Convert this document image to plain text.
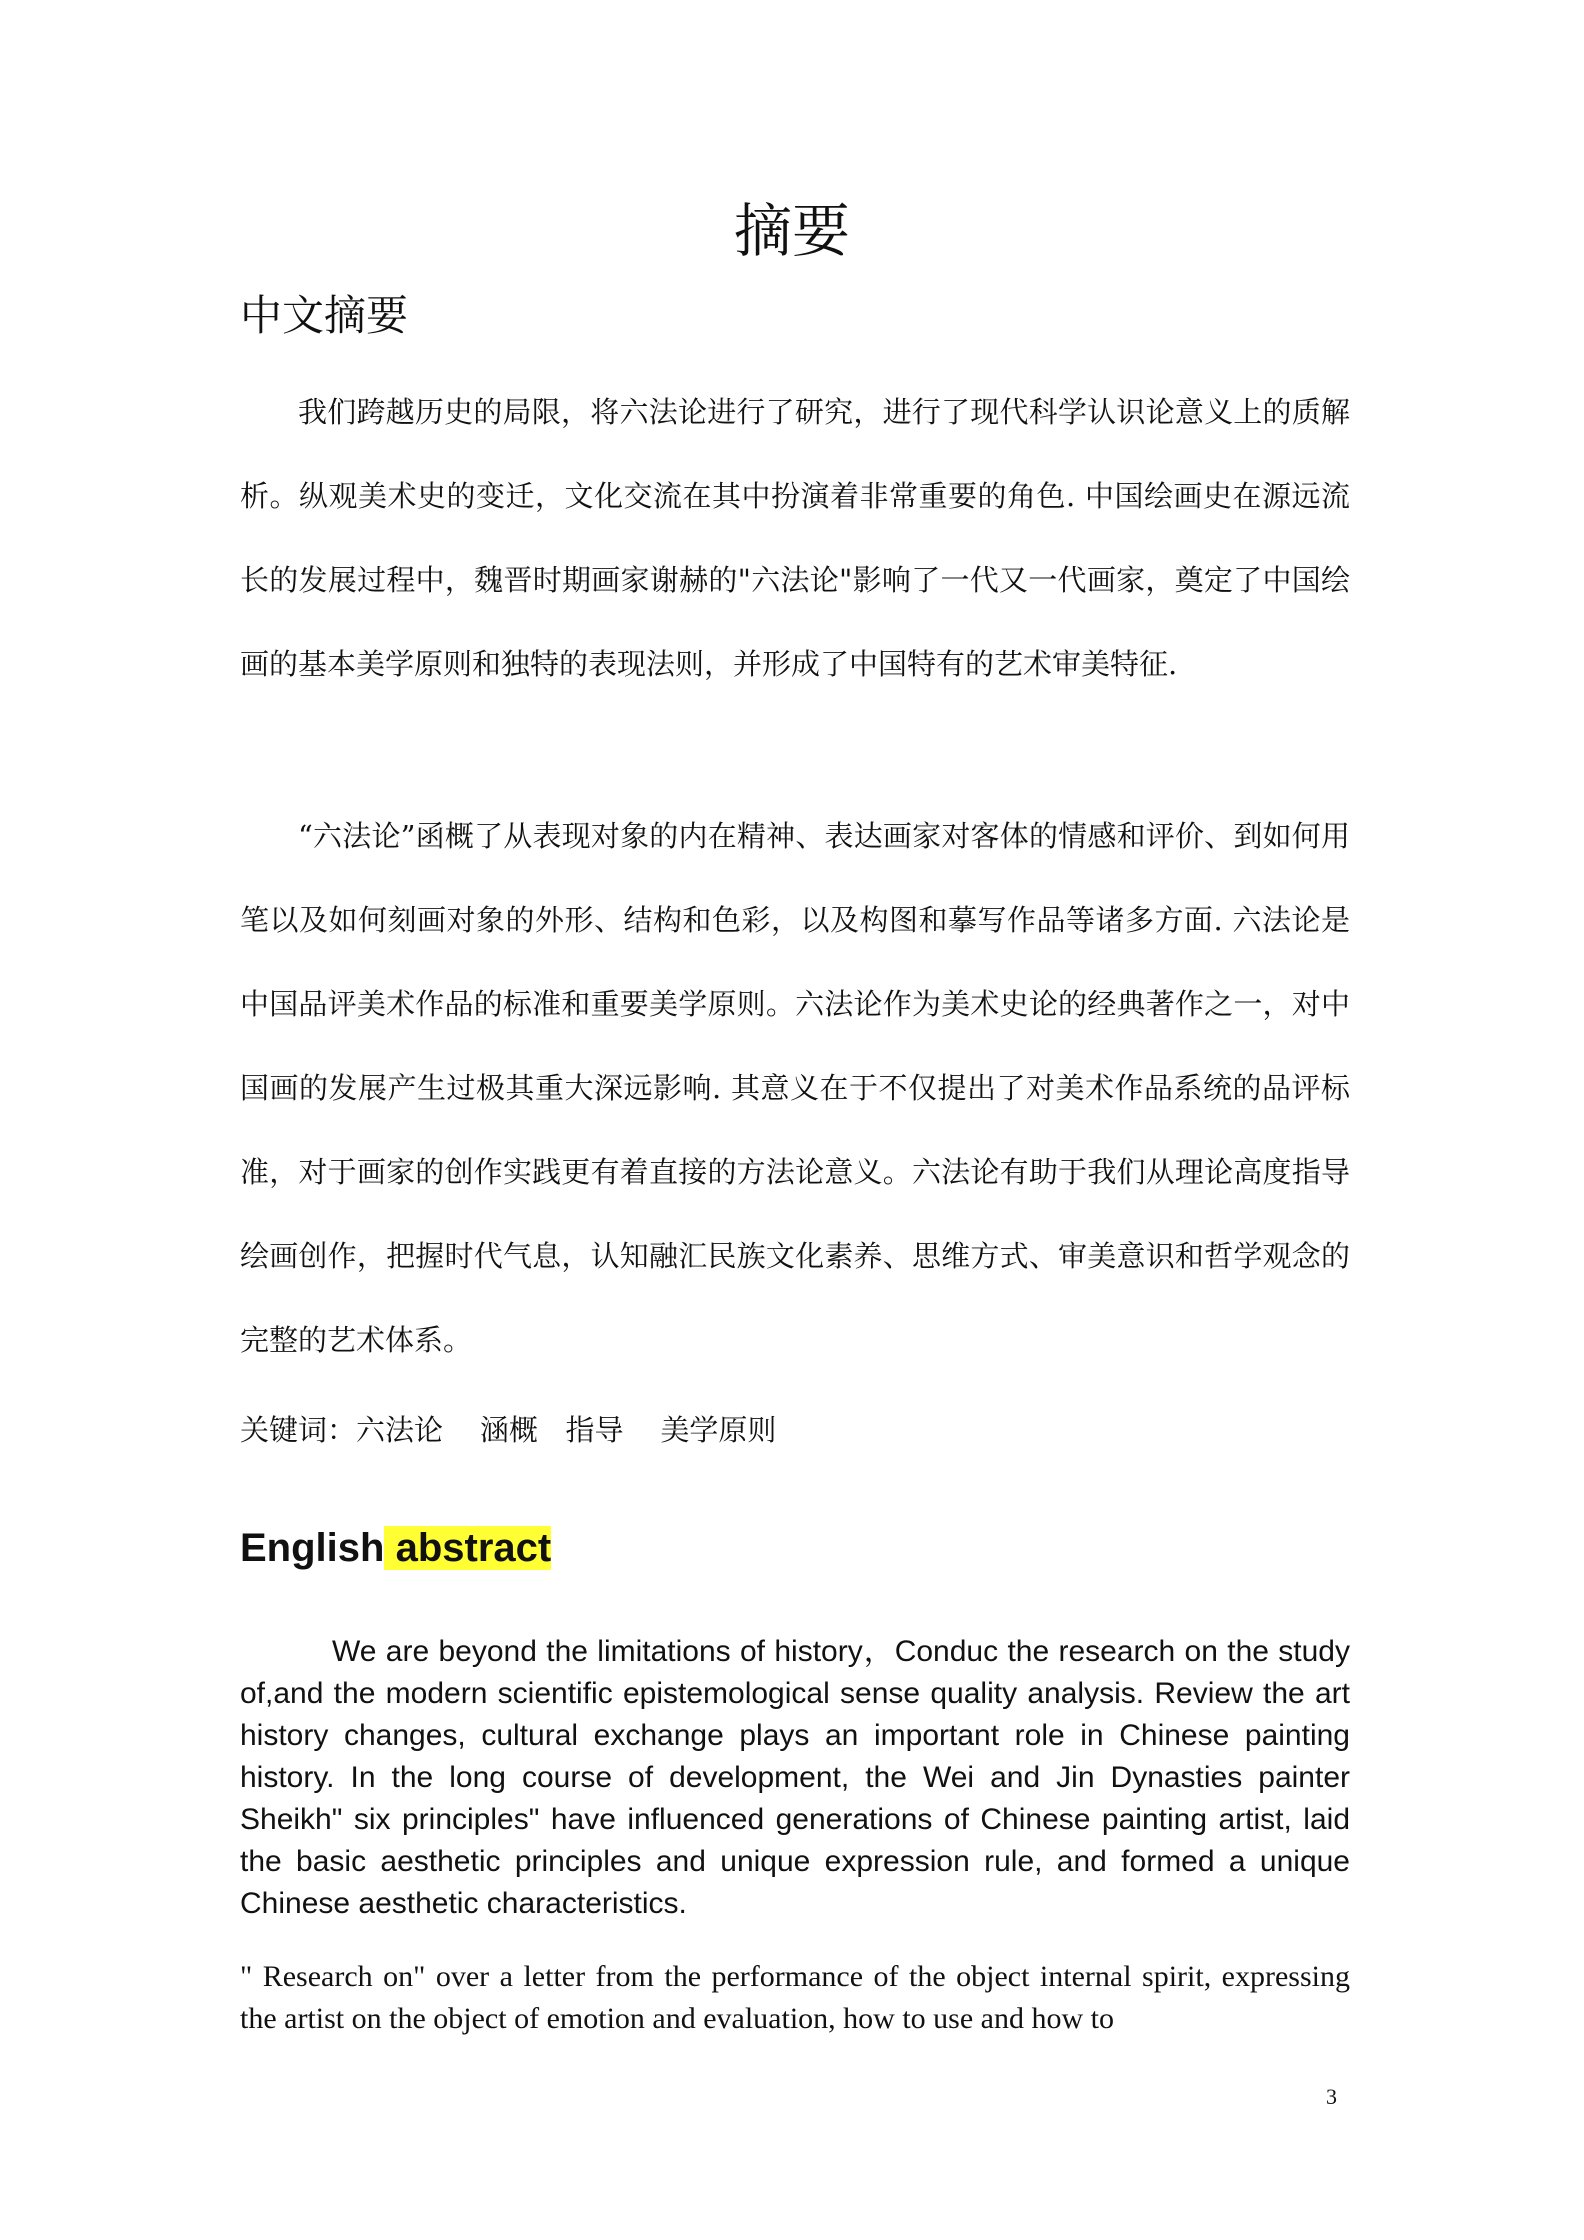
摘要
中文摘要

我们跨越历史的局限，将六法论进行了研究，进行了现代科学认识论意义上的质解析。纵观美术史的变迁，文化交流在其中扮演着非常重要的角色. 中国绘画史在源远流长的发展过程中，魏晋时期画家谢赫的"六法论"影响了一代又一代画家，奠定了中国绘画的基本美学原则和独特的表现法则，并形成了中国特有的艺术审美特征.

“六法论”函概了从表现对象的内在精神、表达画家对客体的情感和评价、到如何用笔以及如何刻画对象的外形、结构和色彩，以及构图和摹写作品等诸多方面. 六法论是中国品评美术作品的标准和重要美学原则。六法论作为美术史论的经典著作之一，对中国画的发展产生过极其重大深远影响. 其意义在于不仅提出了对美术作品系统的品评标准，对于画家的创作实践更有着直接的方法论意义。六法论有助于我们从理论高度指导绘画创作，把握时代气息，认知融汇民族文化素养、思维方式、审美意识和哲学观念的完整的艺术体系。

关键词：六法论    涵概   指导    美学原则

English abstract

We are beyond the limitations of history，Conduc the research on the study of,and the modern scientific epistemological sense quality analysis. Review the art history changes, cultural exchange plays an important role in Chinese painting history. In the long course of development, the Wei and Jin Dynasties painter Sheikh" six principles" have influenced generations of Chinese painting artist, laid the basic aesthetic principles and unique expression rule, and formed a unique Chinese aesthetic characteristics.

" Research on" over a letter from the performance of the object internal spirit, expressing the artist on the object of emotion and evaluation, how to use and how to

3
